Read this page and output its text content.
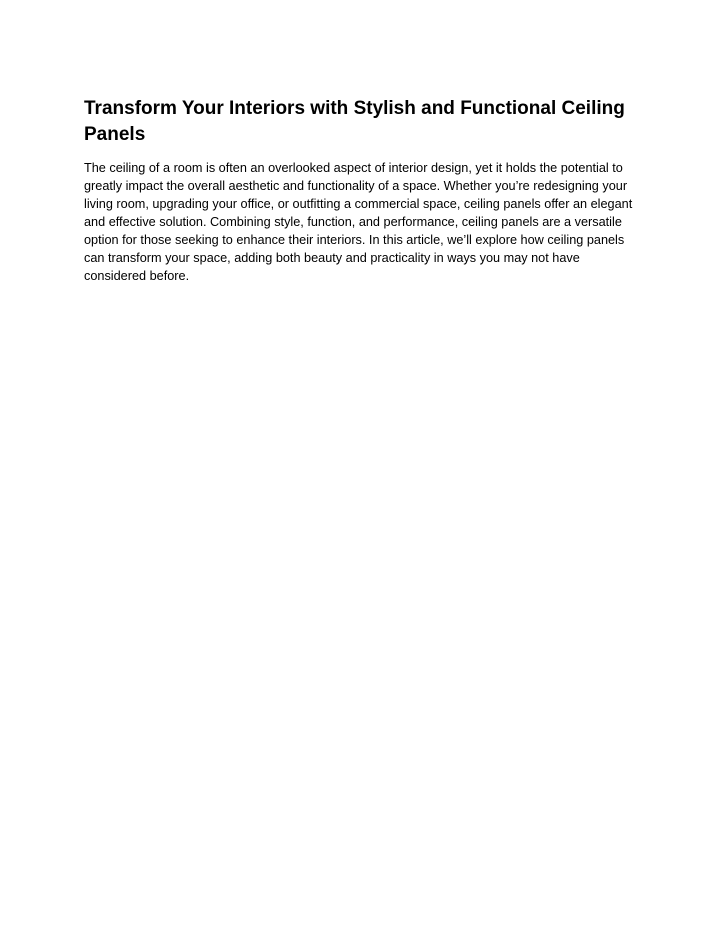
Transform Your Interiors with Stylish and Functional Ceiling Panels

The ceiling of a room is often an overlooked aspect of interior design, yet it holds the potential to greatly impact the overall aesthetic and functionality of a space. Whether you’re redesigning your living room, upgrading your office, or outfitting a commercial space, ceiling panels offer an elegant and effective solution. Combining style, function, and performance, ceiling panels are a versatile option for those seeking to enhance their interiors. In this article, we’ll explore how ceiling panels can transform your space, adding both beauty and practicality in ways you may not have considered before.
